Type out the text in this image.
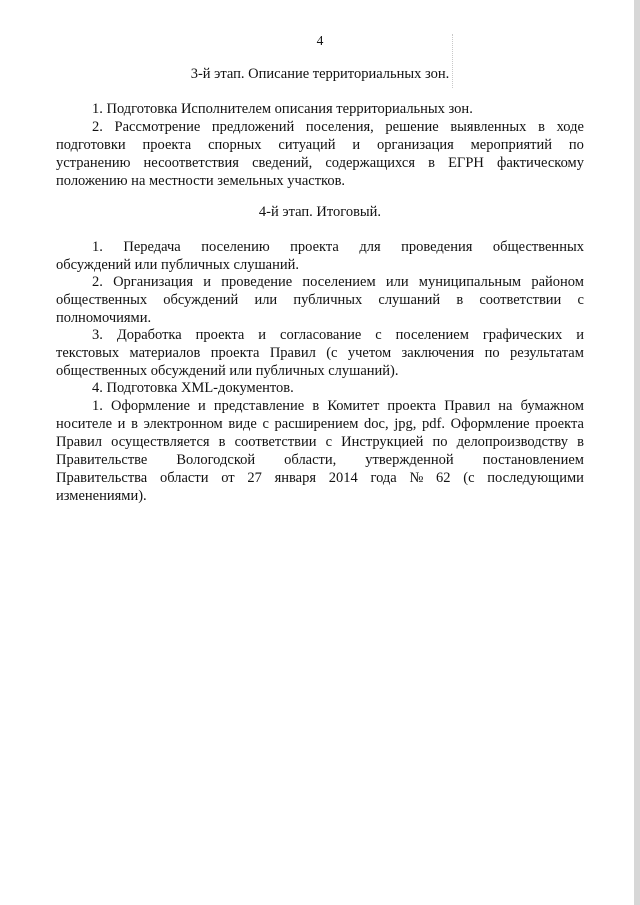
4
3-й этап. Описание территориальных зон.
1. Подготовка Исполнителем описания территориальных зон.
2. Рассмотрение предложений поселения, решение выявленных в ходе
подготовки проекта спорных ситуаций и организация мероприятий по
устранению несоответствия сведений, содержащихся в ЕГРН фактическому
положению на местности земельных участков.
4-й этап. Итоговый.
1. Передача поселению проекта для проведения общественных
обсуждений или публичных слушаний.
2. Организация и проведение поселением или муниципальным районом
общественных обсуждений или публичных слушаний в соответствии с
полномочиями.
3. Доработка проекта и согласование с поселением графических и
текстовых материалов проекта Правил (с учетом заключения по результатам
общественных обсуждений или публичных слушаний).
4. Подготовка XML-документов.
1. Оформление и представление в Комитет проекта Правил на бумажном
носителе и в электронном виде с расширением doc, jpg, pdf. Оформление проекта
Правил осуществляется в соответствии с Инструкцией по делопроизводству в
Правительстве Вологодской области, утвержденной постановлением
Правительства области от 27 января 2014 года № 62 (с последующими
изменениями).
